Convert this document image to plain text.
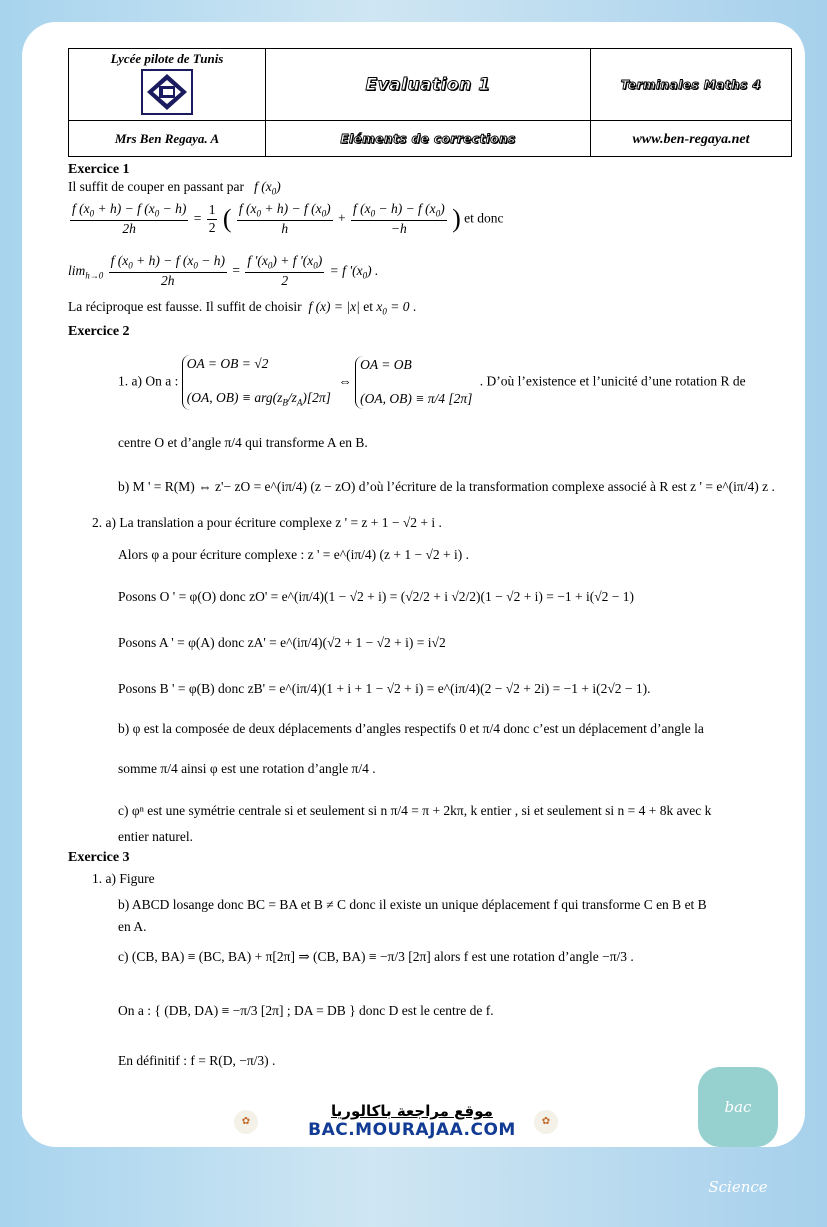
Lycée pilote de Tunis	Evaluation 1	Terminales Maths 4

Mrs Ben Regaya. A	Eléments de corrections	www.ben-regaya.net
Exercice 1
Il suffit de couper en passant par   f $(x_0)$
$\frac{f (x_0 + h) - f (x_0 - h)}{2h} = \frac{1}{2}$ ( $\frac{f (x_0 + h) - f (x_0)}{h} + \frac{f (x_0 - h) - f (x_0)}{-h}$ ) et donc
$\lim_{h\to 0} \frac{f (x_0 + h) - f (x_0 - h)}{2h} = \frac{f '(x_0) + f '(x_0)}{2} = f$ '$(x_0)$ .
La réciproque est fausse. Il suffit de choisir  f (x) = |x| et $x_0 = 0$ .
Exercice 2
1. a) On a : OA = OB = √2

(OA, $OB) \equiv arg(z_B/z_A)[2\pi]$ ⇔ OA = OB

(OA, OB) ≡ π/4 [2π] . D’où l’existence et l’unicité d’une rotation R de
centre O et d’angle π/4 qui transforme A en B.
b) M ' = R(M) ⇔ z'− zO = e^(iπ/4) (z − zO) d’où l’écriture de la transformation complexe associé à R est z ' = e^(iπ/4) z .
2. a) La translation a pour écriture complexe z ' = z + 1 − √2 + i .
Alors φ a pour écriture complexe : z ' = e^(iπ/4) (z + 1 − √2 + i) .
Posons O ' = φ(O) donc zO' = e^(iπ/4)(1 − √2 + i) = (√2/2 + i √2/2)(1 − √2 + i) = −1 + i(√2 − 1)
Posons A ' = φ(A) donc zA' = e^(iπ/4)(√2 + 1 − √2 + i) = i√2
Posons B ' = φ(B) donc zB' = e^(iπ/4)(1 + i + 1 − √2 + i) = e^(iπ/4)(2 − √2 + 2i) = −1 + i(2√2 − 1).
b) φ est la composée de deux déplacements d’angles respectifs 0 et π/4 donc c’est un déplacement d’angle la
somme π/4 ainsi φ est une rotation d’angle π/4 .
c) φⁿ est une symétrie centrale si et seulement si n π/4 = π + 2kπ, k entier , si et seulement si n = 4 + 8k avec k
entier naturel.
Exercice 3
1. a) Figure
b) ABCD losange donc BC = BA et B ≠ C donc il existe un unique déplacement f qui transforme C en B et B
en A.
c) (CB, BA) ≡ (BC, BA) + π[2π] ⇒ (CB, BA) ≡ −π/3 [2π] alors f est une rotation d’angle −π/3 .
On a : { (DB, DA) ≡ −π/3 [2π] ; DA = DB } donc D est le centre de f.
En définitif : f = R(D, −π/3) .
✿
موقع مراجعة باكالوريا
BAC.MOURAJAA.COM	✿
bac Science
